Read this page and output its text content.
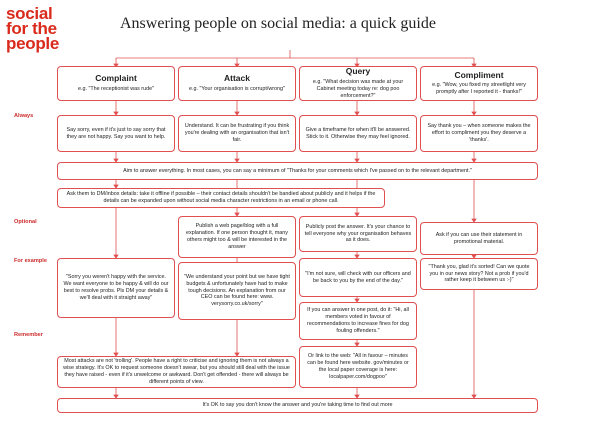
social
for the
people
Answering people on social media: a quick guide
Always
Optional
For example
Remember
Complaint
e.g. "The receptionist was rude"
Attack
e.g. "Your organisation is corrupt/wrong"
Query
e.g. "What decision was made at your Cabinet meeting today re: dog poo enforcement?"
Compliment
e.g. "Wow, you fixed my streetlight very promptly after I reported it - thanks!"
Say sorry, even if it's just to say sorry that they are not happy. Say you want to help.
Understand. It can be frustrating if you think you're dealing with an organisation that isn't fair.
Give a timeframe for when it'll be answered. Stick to it. Otherwise they may feel ignored.
Say thank you – when someone makes the effort to compliment you they deserve a 'thanks'.
Aim to answer everything. In most cases, you can say a minimum of "Thanks for your comments which I've passed on to the relevant department."
Ask them to DM/inbox details: take it offline if possible – their contact details shouldn't be bandied about publicly and it helps if the details can be expanded upon without social media character restrictions in an email or phone call.
Publish a web page/blog with a full explanation. If one person thought it, many others might too & will be interested in the answer
Publicly post the answer. It's your chance to tell everyone why your organisation behaves as it does.
Ask if you can use their statement in promotional material.
"Sorry you weren't happy with the service. We want everyone to be happy & will do our best to resolve probs. Pls DM your details & we'll deal with it straight away"
"We understand your point but we have tight budgets & unfortunately have had to make tough decisions. An explanation from our CEO can be found here: www. verysorry.co.uk/sorry"
"I'm not sure, will check with our officers and be back to you by the end of the day."
If you can answer in one post, do it: "Hi, all members voted in favour of recommendations to increase fines for dog fouling offenders."
Or link to the web: "All in favour – minutes can be found here website. gov/minutes or the local paper coverage is here: localpaper.com/dogpoo"
"Thank you, glad it's sorted! Can we quote you in our news story? Not a prob if you'd rather keep it between us :-)"
Most attacks are not 'trolling'. People have a right to criticise and ignoring them is not always a wise strategy. It's OK to request someone doesn't swear, but you should still deal with the issue they have raised - even if it's unwelcome or awkward. Don't get offended - there will always be different points of view.
It's OK to say you don't know the answer and you're taking time to find out more
